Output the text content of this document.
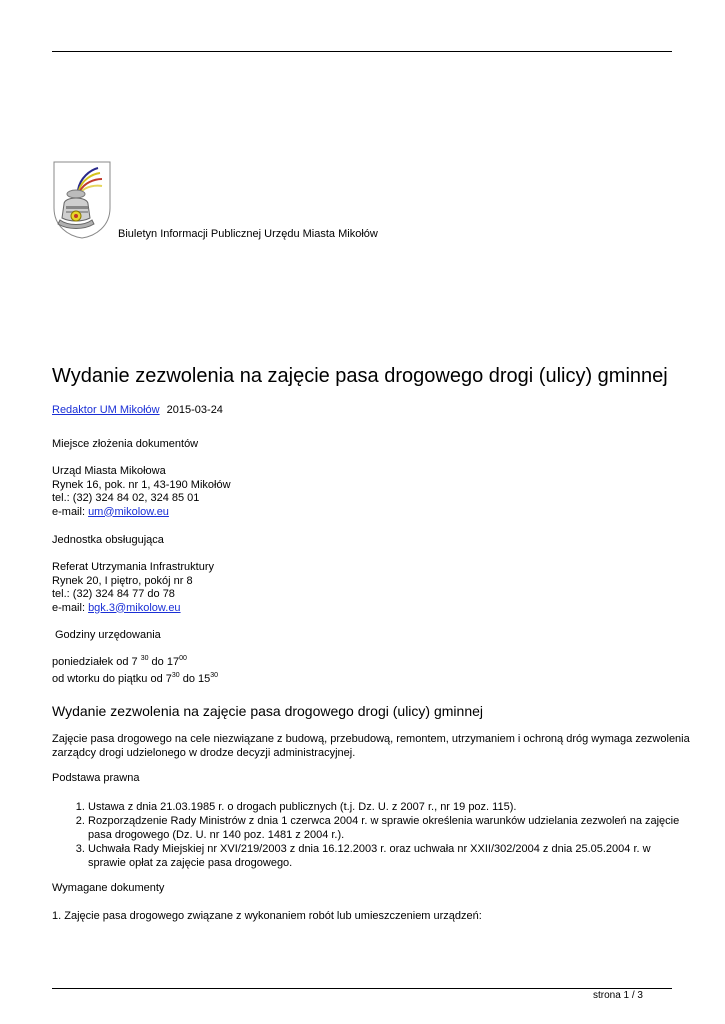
Biuletyn Informacji Publicznej Urzędu Miasta Mikołów
Wydanie zezwolenia na zajęcie pasa drogowego drogi (ulicy) gminnej

Redaktor UM Mikołów 2015-03-24

Miejsce złożenia dokumentów

Urząd Miasta Mikołowa
Rynek 16, pok. nr 1, 43-190 Mikołów
tel.: (32) 324 84 02, 324 85 01
e-mail: um@mikolow.eu

Jednostka obsługująca

Referat Utrzymania Infrastruktury
Rynek 20, I piętro, pokój nr 8
tel.: (32) 324 84 77 do 78
e-mail: bgk.3@mikolow.eu

Godziny urzędowania

poniedziałek od 7 $^{30}$ do $17^{00}$
od wtorku do piątku od $7^{30}$ do $15^{30}$
Wydanie zezwolenia na zajęcie pasa drogowego drogi (ulicy) gminnej

Zajęcie pasa drogowego na cele niezwiązane z budową, przebudową, remontem, utrzymaniem i ochroną dróg wymaga zezwolenia zarządcy drogi udzielonego w drodze decyzji administracyjnej.

Podstawa prawna

1. Ustawa z dnia 21.03.1985 r. o drogach publicznych (t.j. Dz. U. z 2007 r., nr 19 poz. 115).
2. Rozporządzenie Rady Ministrów z dnia 1 czerwca 2004 r. w sprawie określenia warunków udzielania zezwoleń na zajęcie pasa drogowego (Dz. U. nr 140 poz. 1481 z 2004 r.).
3. Uchwała Rady Miejskiej nr XVI/219/2003 z dnia 16.12.2003 r. oraz uchwała nr XXII/302/2004 z dnia 25.05.2004 r. w sprawie opłat za zajęcie pasa drogowego.

Wymagane dokumenty

1. Zajęcie pasa drogowego związane z wykonaniem robót lub umieszczeniem urządzeń:

strona 1 / 3
